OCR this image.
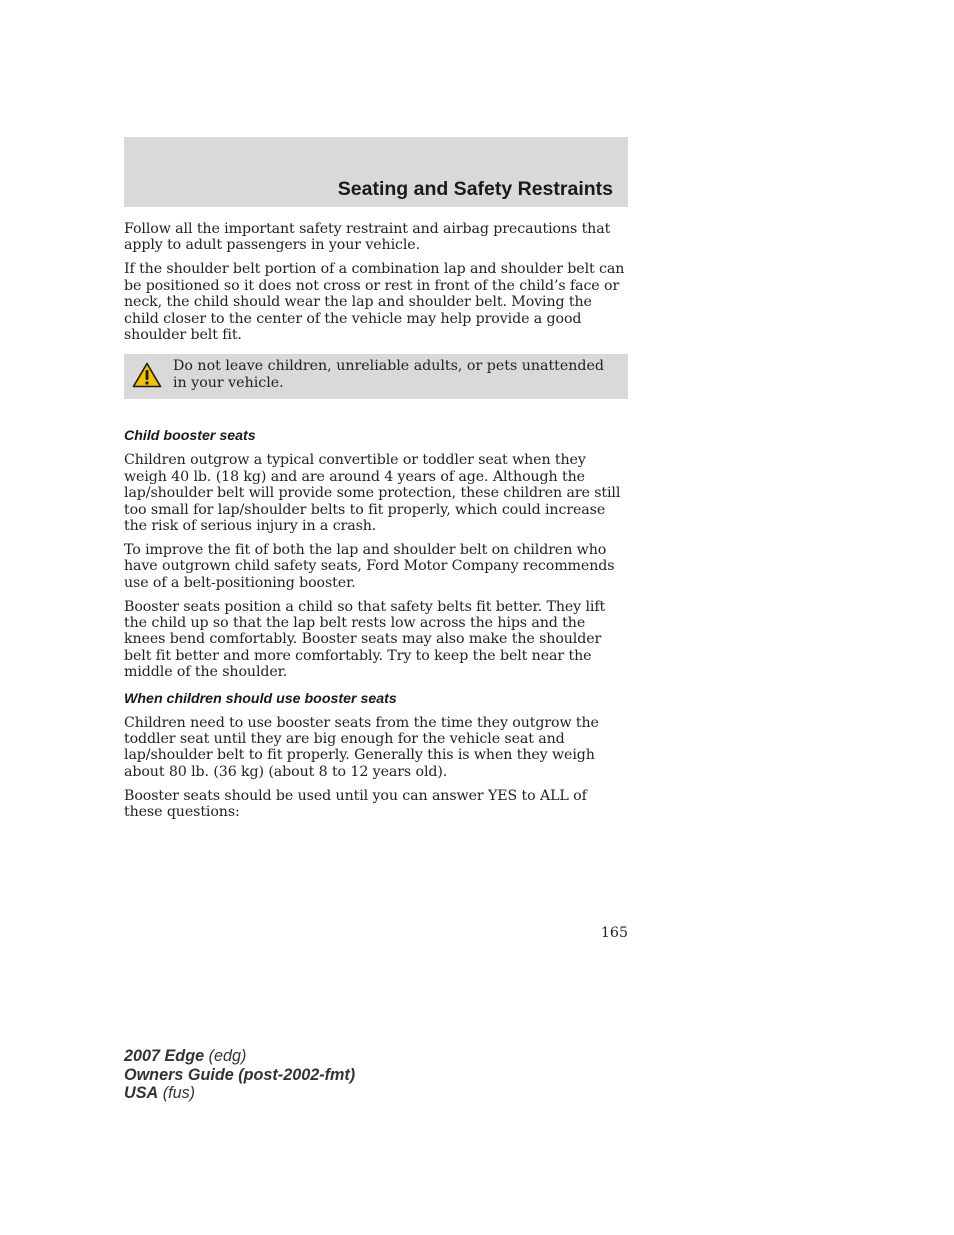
Seating and Safety Restraints

Follow all the important safety restraint and airbag precautions that apply to adult passengers in your vehicle.

If the shoulder belt portion of a combination lap and shoulder belt can be positioned so it does not cross or rest in front of the child’s face or neck, the child should wear the lap and shoulder belt. Moving the child closer to the center of the vehicle may help provide a good shoulder belt fit.

Do not leave children, unreliable adults, or pets unattended in your vehicle.

Child booster seats

Children outgrow a typical convertible or toddler seat when they weigh 40 lb. (18 kg) and are around 4 years of age. Although the lap/shoulder belt will provide some protection, these children are still too small for lap/shoulder belts to fit properly, which could increase the risk of serious injury in a crash.

To improve the fit of both the lap and shoulder belt on children who have outgrown child safety seats, Ford Motor Company recommends use of a belt-positioning booster.

Booster seats position a child so that safety belts fit better. They lift the child up so that the lap belt rests low across the hips and the knees bend comfortably. Booster seats may also make the shoulder belt fit better and more comfortably. Try to keep the belt near the middle of the shoulder.

When children should use booster seats

Children need to use booster seats from the time they outgrow the toddler seat until they are big enough for the vehicle seat and lap/shoulder belt to fit properly. Generally this is when they weigh about 80 lb. (36 kg) (about 8 to 12 years old).

Booster seats should be used until you can answer YES to ALL of these questions:

165
2007 Edge (edg)
Owners Guide (post-2002-fmt)
USA (fus)
